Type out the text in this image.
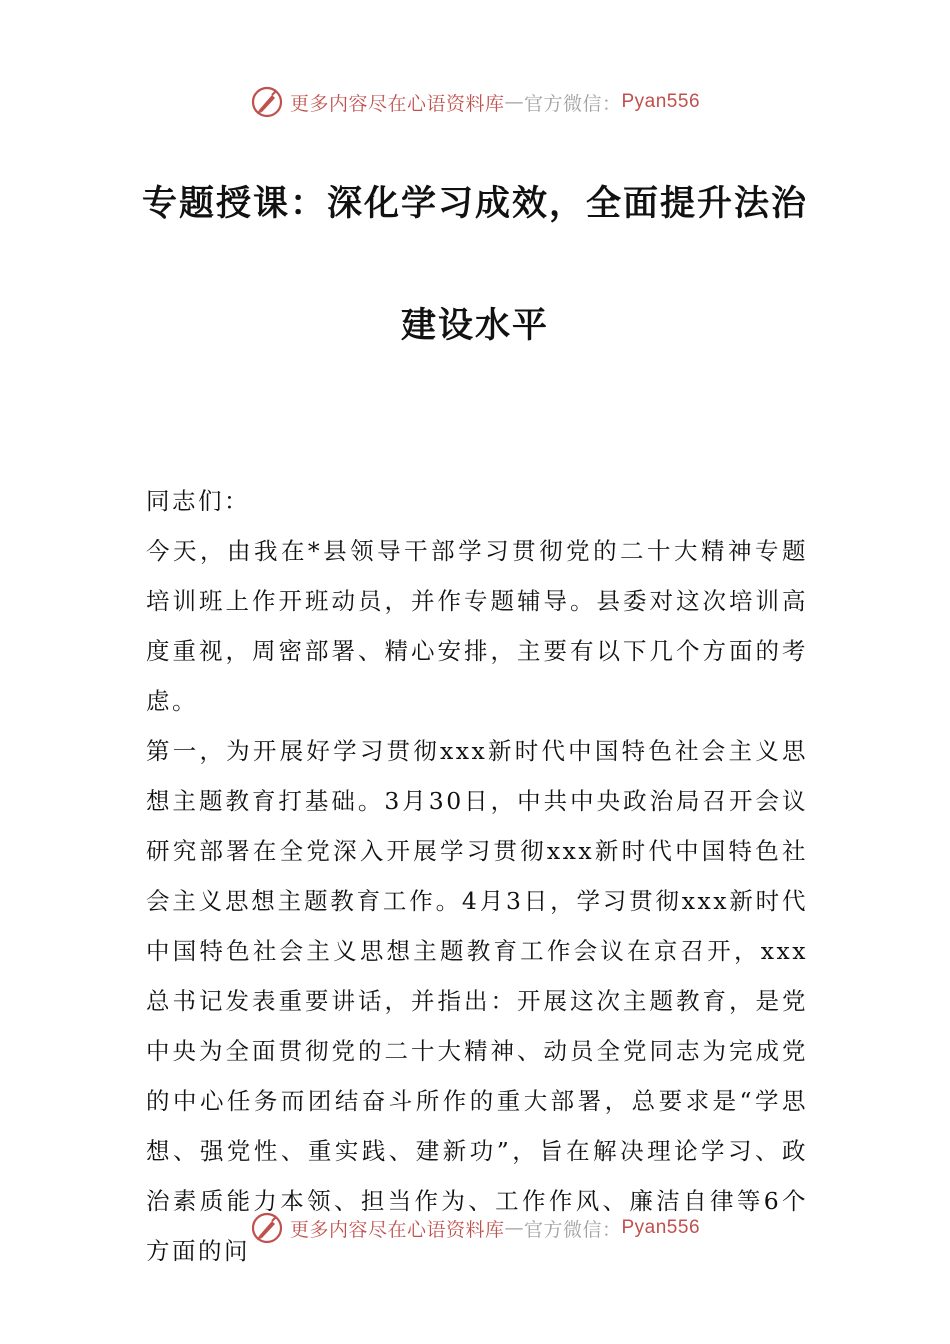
更多内容尽在心语资料库 — 官方微信： Pyan556
专题授课：深化学习成效，全面提升法治
建设水平

同志们：

今天，由我在*县领导干部学习贯彻党的二十大精神专题培训班上作开班动员，并作专题辅导。县委对这次培训高度重视，周密部署、精心安排，主要有以下几个方面的考虑。

第一，为开展好学习贯彻xxx新时代中国特色社会主义思想主题教育打基础。3月30日，中共中央政治局召开会议研究部署在全党深入开展学习贯彻xxx新时代中国特色社会主义思想主题教育工作。4月3日，学习贯彻xxx新时代中国特色社会主义思想主题教育工作会议在京召开，xxx总书记发表重要讲话，并指出：开展这次主题教育，是党中央为全面贯彻党的二十大精神、动员全党同志为完成党的中心任务而团结奋斗所作的重大部署，总要求是“学思想、强党性、重实践、建新功”，旨在解决理论学习、政治素质能力本领、担当作为、工作作风、廉洁自律等6个方面的问

更多内容尽在心语资料库 — 官方微信： Pyan556
